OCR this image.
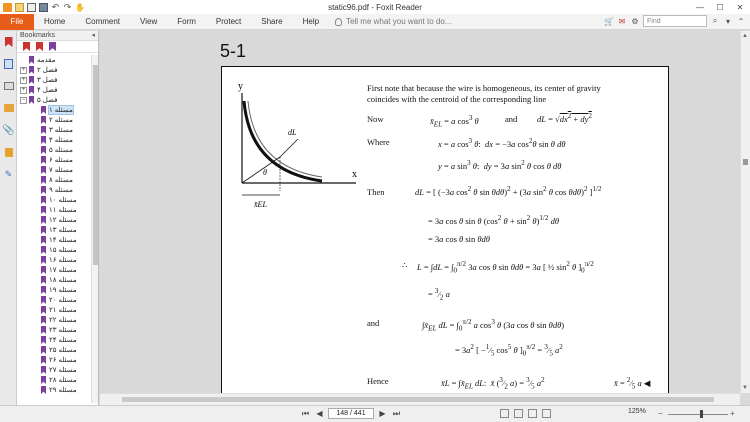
↶ ↷ ✋	static96.pdf - Foxit Reader	—	☐	✕
File	Home	Comment	View	Form	Protect	Share	Help	Tell me what you want to do...	🛒 ✉ ⚙	Find	⌕	▾ ⌃
📎
✎
Bookmarks	◂
مقدمه
+ فصل ۲
+ فصل ۳
+ فصل ۴
− فصل ۵
مسئله ۱
مسئله ۲
مسئله ۳
مسئله ۴
مسئله ۵
مسئله ۶
مسئله ۷
مسئله ۸
مسئله ۹
مسئله ۱۰
مسئله ۱۱
مسئله ۱۲
مسئله ۱۳
مسئله ۱۴
مسئله ۱۵
مسئله ۱۶
مسئله ۱۷
مسئله ۱۸
مسئله ۱۹
مسئله ۲۰
مسئله ۲۱
مسئله ۲۲
مسئله ۲۳
مسئله ۲۴
مسئله ۲۵
مسئله ۲۶
مسئله ۲۷
مسئله ۲۸
مسئله ۲۹
5-1
y
x
dL
θ
x̄EL
First note that because the wire is homogeneous, its center of gravity
coincides with the centroid of the corresponding line
Now	$x̄_{EL} = a$ $\cos^3 \theta$	and dL = $√dx^2 + dy^2$
Where	x = a $\cos^3 \theta$:  dx = −3a $\cos^2\theta$ sin θ dθ
y = a $\sin^3 \theta$:  dy = 3a $\sin^2 \theta$ cos θ dθ
Then	dL = [ (−3a $\cos^2 \theta$ sin θdθ)$^2$ + (3a $\sin^2 \theta$ cos θdθ)$^2$ ]$^{1/2}$
= 3a cos θ sin θ ($\cos^2$ $\theta + \sin^2 \theta)^{1/2}$ dθ
= 3a cos θ sin θdθ
∴ $L = \int dL = \int_0^{\pi/2}$ 3a cos θ sin θdθ = 3a [ ½ $\sin^2 \theta$ ]$_0^{\pi/2}$
= $^3⁄_2$ a
and	$\int x̄_{EL}$ dL = $\int_0^{\pi/2}$ a $\cos^3 \theta$ (3a cos θ sin θdθ)
= $3a^2$ [ $-^1⁄_5$ $\cos^5 \theta$ ]$_0^{\pi/2}$ = $^3⁄_5$ $a^2$
Hence	x̄L = $\int x̄_{EL}$ dL:  x̄ ($^3⁄_2$ $a) = ^3⁄_5$ $a^2$	x̄ = $^2⁄_5$ a ◀
▲
▼
⏮ ◀	148 / 441	▶ ⏭	125% −	+
